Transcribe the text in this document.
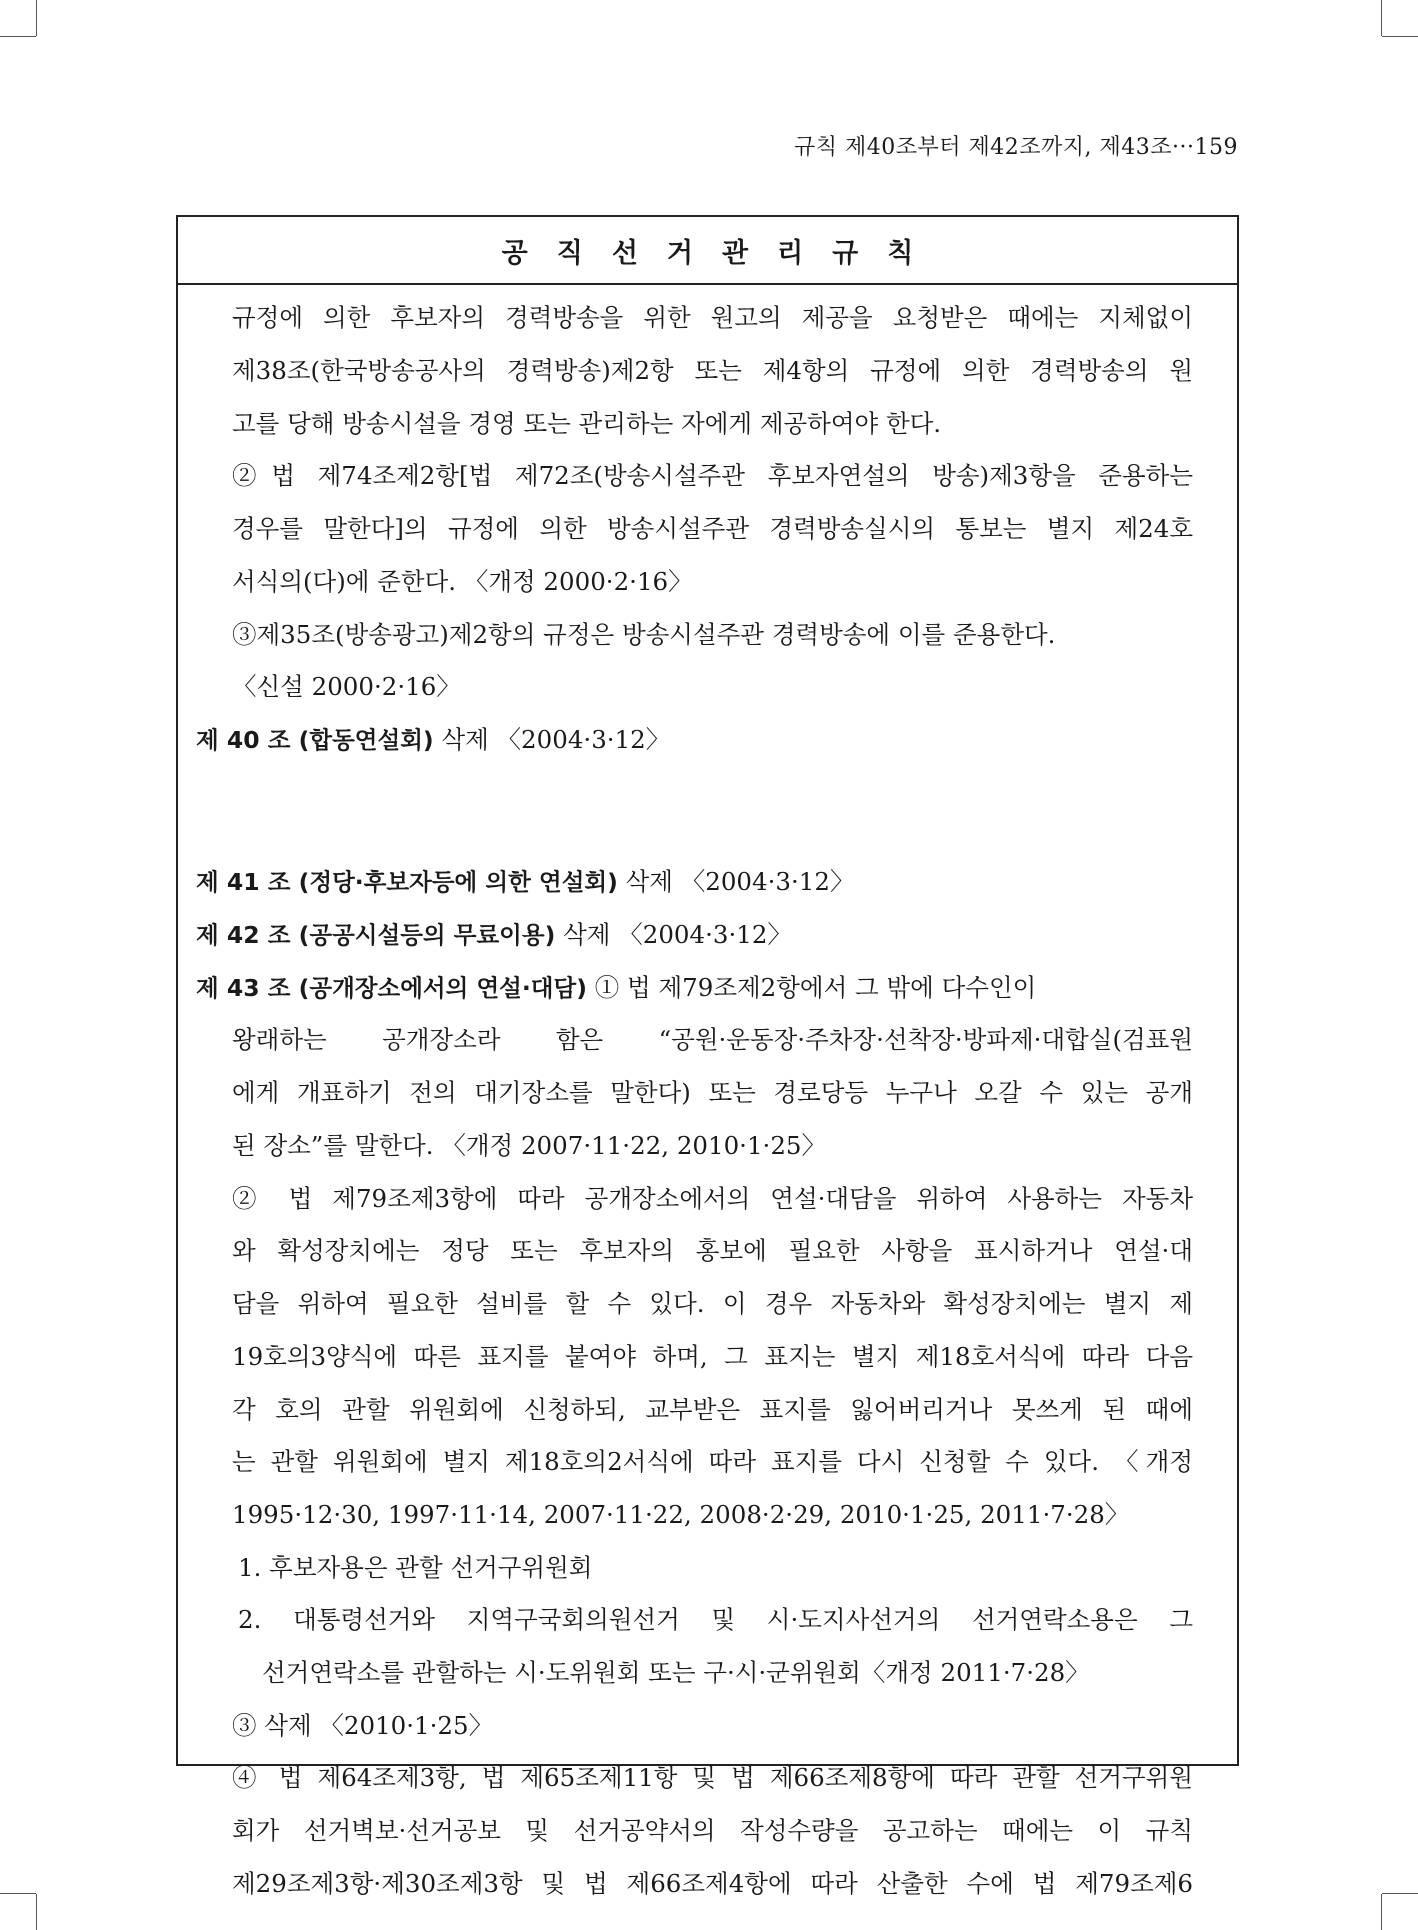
규칙 제40조부터 제42조까지, 제43조···159
공직선거관리규칙
규정에 의한 후보자의 경력방송을 위한 원고의 제공을 요청받은 때에는 지체없이
제38조(한국방송공사의 경력방송)제2항 또는 제4항의 규정에 의한 경력방송의 원
고를 당해 방송시설을 경영 또는 관리하는 자에게 제공하여야 한다.
②법 제74조제2항[법 제72조(방송시설주관 후보자연설의 방송)제3항을 준용하는
경우를 말한다]의 규정에 의한 방송시설주관 경력방송실시의 통보는 별지 제24호
서식의(다)에 준한다. 〈개정 2000·2·16〉
③제35조(방송광고)제2항의 규정은 방송시설주관 경력방송에 이를 준용한다.
〈신설 2000·2·16〉
제 40 조 (합동연설회) 삭제 〈2004·3·12〉
제 41 조 (정당·후보자등에 의한 연설회) 삭제 〈2004·3·12〉
제 42 조 (공공시설등의 무료이용) 삭제 〈2004·3·12〉
제 43 조 (공개장소에서의 연설·대담) ① 법 제79조제2항에서 그 밖에 다수인이
왕래하는 공개장소라 함은 “공원·운동장·주차장·선착장·방파제·대합실(검표원
에게 개표하기 전의 대기장소를 말한다) 또는 경로당등 누구나 오갈 수 있는 공개
된 장소”를 말한다. 〈개정 2007·11·22, 2010·1·25〉
② 법 제79조제3항에 따라 공개장소에서의 연설·대담을 위하여 사용하는 자동차
와 확성장치에는 정당 또는 후보자의 홍보에 필요한 사항을 표시하거나 연설·대
담을 위하여 필요한 설비를 할 수 있다. 이 경우 자동차와 확성장치에는 별지 제
19호의3양식에 따른 표지를 붙여야 하며, 그 표지는 별지 제18호서식에 따라 다음
각 호의 관할 위원회에 신청하되, 교부받은 표지를 잃어버리거나 못쓰게 된 때에
는 관할 위원회에 별지 제18호의2서식에 따라 표지를 다시 신청할 수 있다. 〈개정
1995·12·30, 1997·11·14, 2007·11·22, 2008·2·29, 2010·1·25, 2011·7·28〉
1. 후보자용은 관할 선거구위원회
2. 대통령선거와 지역구국회의원선거 및 시·도지사선거의 선거연락소용은 그
선거연락소를 관할하는 시·도위원회 또는 구·시·군위원회〈개정 2011·7·28〉
③ 삭제 〈2010·1·25〉
④ 법 제64조제3항, 법 제65조제11항 및 법 제66조제8항에 따라 관할 선거구위원
회가 선거벽보·선거공보 및 선거공약서의 작성수량을 공고하는 때에는 이 규칙
제29조제3항·제30조제3항 및 법 제66조제4항에 따라 산출한 수에 법 제79조제6
